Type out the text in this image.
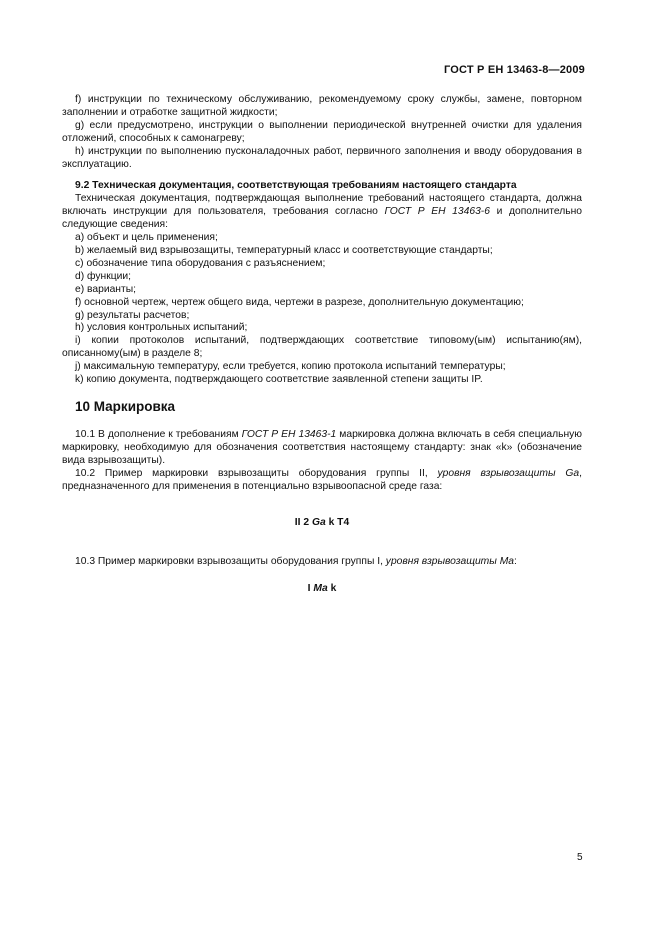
ГОСТ Р ЕН 13463-8—2009

f) инструкции по техническому обслуживанию, рекомендуемому сроку службы, замене, повторном заполнении и отработке защитной жидкости;

g) если предусмотрено, инструкции о выполнении периодической внутренней очистки для удаления отложений, способных к самонагреву;

h) инструкции по выполнению пусконаладочных работ, первичного заполнения и вводу оборудования в эксплуатацию.

9.2 Техническая документация, соответствующая требованиям настоящего стандарта

Техническая документация, подтверждающая выполнение требований настоящего стандарта, должна включать инструкции для пользователя, требования согласно ГОСТ Р ЕН 13463-6 и дополнительно следующие сведения:

a) объект и цель применения;

b) желаемый вид взрывозащиты, температурный класс и соответствующие стандарты;

c) обозначение типа оборудования с разъяснением;

d) функции;

e) варианты;

f) основной чертеж, чертеж общего вида, чертежи в разрезе, дополнительную документацию;

g) результаты расчетов;

h) условия контрольных испытаний;

i) копии протоколов испытаний, подтверждающих соответствие типовому(ым) испытанию(ям), описанному(ым) в разделе 8;

j) максимальную температуру, если требуется, копию протокола испытаний температуры;

k) копию документа, подтверждающего соответствие заявленной степени защиты IP.

10 Маркировка

10.1 В дополнение к требованиям ГОСТ Р ЕН 13463-1 маркировка должна включать в себя специальную маркировку, необходимую для обозначения соответствия настоящему стандарту: знак «k» (обозначение вида взрывозащиты).

10.2 Пример маркировки взрывозащиты оборудования группы II, уровня взрывозащиты Ga, предназначенного для применения в потенциально взрывоопасной среде газа:

II 2 Ga k T4

10.3 Пример маркировки взрывозащиты оборудования группы I, уровня взрывозащиты Ma:

I Ma k

5
